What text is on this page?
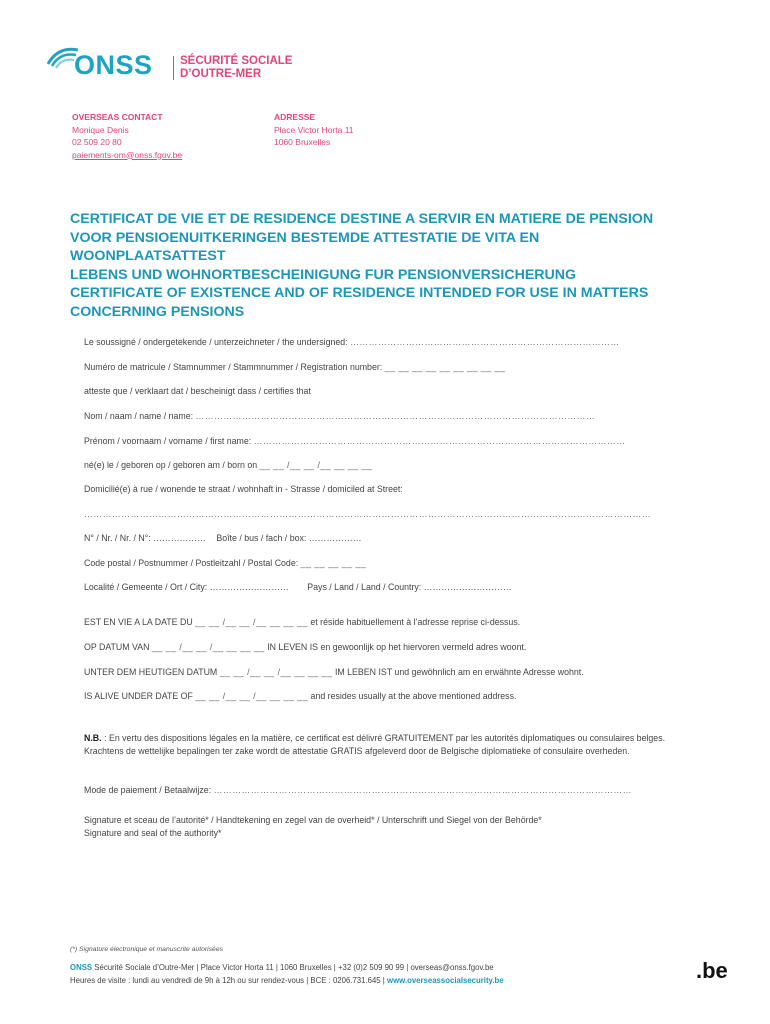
ONSS SÉCURITÉ SOCIALE
D’OUTRE-MER
OVERSEAS CONTACT
Monique Denis
02 509 20 80
paiements-om@onss.fgov.be
ADRESSE
Place Victor Horta 11
1060 Bruxelles
CERTIFICAT DE VIE ET DE RESIDENCE DESTINE A SERVIR EN MATIERE DE PENSION
VOOR PENSIOENUITKERINGEN BESTEMDE ATTESTATIE DE VITA EN
WOONPLAATSATTEST
LEBENS UND WOHNORTBESCHEINIGUNG FUR PENSIONVERSICHERUNG
CERTIFICATE OF EXISTENCE AND OF RESIDENCE INTENDED FOR USE IN MATTERS
CONCERNING PENSIONS
Le soussigné / ondergetekende / unterzeichneter / the undersigned: ……………………………………………………………………………
Numéro de matricule / Stamnummer / Stammnummer / Registration number: __ __ __ __ __ __ __ __ __
atteste que / verklaart dat / bescheinigt dass / certifies that
Nom / naam / name / name: …………………………………………………………………………………………………………………
Prénom / voornaam / vorname / first name: …………………………………………………………………………………………………………
né(e) le / geboren op / geboren am / born on __ __ /__ __ /__ __ __ __
Domicilié(e) à rue / wonende te straat / wohnhaft in - Strasse / domiciled at Street:
…………………………………………………………………………………………………………………………………………………………………
N° / Nr. / Nr. / N°: ……………… Boîte / bus / fach / box: ………………
Code postal / Postnummer / Postleitzahl / Postal Code: __ __ __ __ __
Localité / Gemeente / Ort / City: ……………………… Pays / Land / Land / Country: …………………………
EST EN VIE A LA DATE DU __ __ /__ __ /__ __ __ __ et réside habituellement à l’adresse reprise ci-dessus.
OP DATUM VAN __ __ /__ __ /__ __ __ __ IN LEVEN IS en gewoonlijk op het hiervoren vermeld adres woont.
UNTER DEM HEUTIGEN DATUM __ __ /__ __ /__ __ __ __ IM LEBEN IST und gewöhnlich am en erwähnte Adresse wohnt.
IS ALIVE UNDER DATE OF __ __ /__ __ /__ __ __ __ and resides usually at the above mentioned address.
N.B. : En vertu des dispositions légales en la matière, ce certificat est délivré GRATUITEMENT par les autorités diplomatiques ou consulaires belges. Krachtens de wettelijke bepalingen ter zake wordt de attestatie GRATIS afgeleverd door de Belgische diplomatieke of consulaire overheden.
Mode de paiement / Betaalwijze: ………………………………………………………………………………………………………………………
Signature et sceau de l’autorité* / Handtekening en zegel van de overheid* / Unterschrift und Siegel von der Behörde*
Signature and seal of the authority*
(*) Signature électronique et manuscrite autorisées
ONSS Sécurité Sociale d’Outre-Mer | Place Victor Horta 11 | 1060 Bruxelles | +32 (0)2 509 90 99 | overseas@onss.fgov.be
Heures de visite : lundi au vendredi de 9h à 12h ou sur rendez-vous | BCE : 0206.731.645 | www.overseassocialsecurity.be	.be
